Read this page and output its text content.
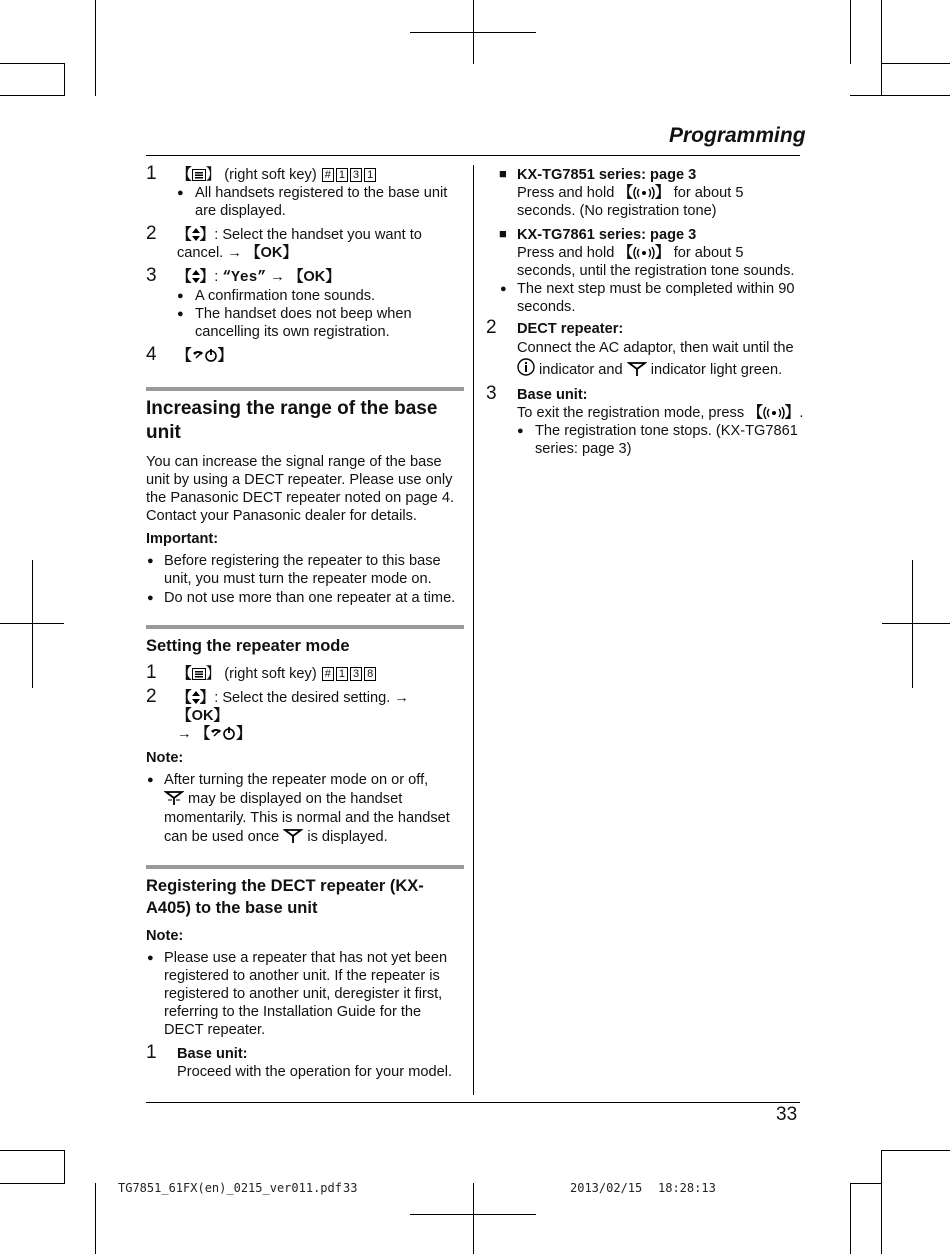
Programming
1 【 】 (right soft key) # 1 3 1
● All handsets registered to the base unit are displayed.
2 【 】: Select the handset you want to cancel. → 【OK】
3 【 】: “Yes” → 【OK】
● A confirmation tone sounds.
● The handset does not beep when cancelling its own registration.
4 【 】
Increasing the range of the base unit
You can increase the signal range of the base unit by using a DECT repeater. Please use only the Panasonic DECT repeater noted on page 4. Contact your Panasonic dealer for details.
Important:
● Before registering the repeater to this base unit, you must turn the repeater mode on.
● Do not use more than one repeater at a time.
Setting the repeater mode
1 【 】 (right soft key) # 1 3 8
2 【 】: Select the desired setting. → 【OK】
→ 【 】
Note:
● After turning the repeater mode on or off,
may be displayed on the handset momentarily. This is normal and the handset can be used once  is displayed.
Registering the DECT repeater (KX-A405) to the base unit
Note:
● Please use a repeater that has not yet been registered to another unit. If the repeater is registered to another unit, deregister it first, referring to the Installation Guide for the DECT repeater.
1 Base unit:
Proceed with the operation for your model.
■ KX-TG7851 series: page 3
Press and hold 【 】 for about 5 seconds. (No registration tone)
■ KX-TG7861 series: page 3
Press and hold 【 】 for about 5 seconds, until the registration tone sounds.
● The next step must be completed within 90 seconds.
2 DECT repeater:
Connect the AC adaptor, then wait until the  indicator and  indicator light green.
3 Base unit:
To exit the registration mode, press 【 】.
● The registration tone stops. (KX-TG7861 series: page 3)
33
TG7851_61FX(en)_0215_ver011.pdf 33	2013/02/15 18:28:13
